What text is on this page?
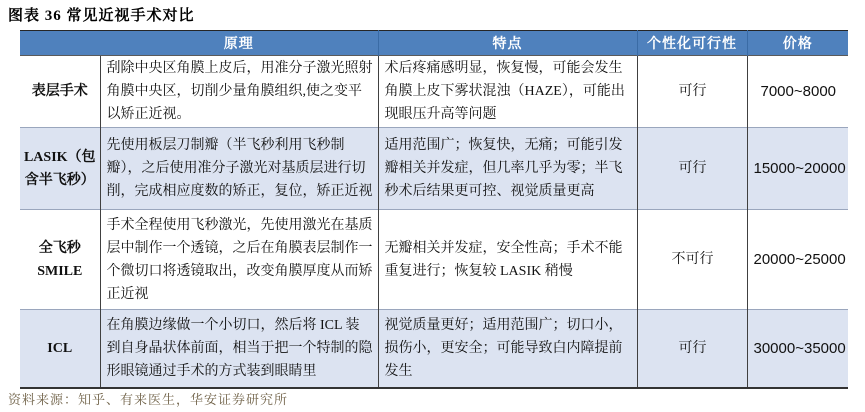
图表 36 常见近视手术对比
	原理	特点	个性化可行性	价格
表层手术	刮除中央区角膜上皮后，用准分子激光照射角膜中央区，切削少量角膜组织,使之变平以矫正近视。	术后疼痛感明显，恢复慢，可能会发生角膜上皮下雾状混浊（HAZE），可能出现眼压升高等问题	可行	7000~8000
LASIK（包含半飞秒）	先使用板层刀制瓣（半飞秒利用飞秒制瓣），之后使用准分子激光对基质层进行切削，完成相应度数的矫正，复位，矫正近视	适用范围广；恢复快，无痛；可能引发瓣相关并发症，但几率几乎为零；半飞秒术后结果更可控、视觉质量更高	可行	15000~20000
全飞秒 SMILE	手术全程使用飞秒激光，先使用激光在基质层中制作一个透镜，之后在角膜表层制作一个微切口将透镜取出，改变角膜厚度从而矫正近视	无瓣相关并发症，安全性高；手术不能重复进行；恢复较 LASIK 稍慢	不可行	20000~25000
ICL	在角膜边缘做一个小切口，然后将 ICL 装到自身晶状体前面，相当于把一个特制的隐形眼镜通过手术的方式装到眼睛里	视觉质量更好；适用范围广；切口小，损伤小，更安全；可能导致白内障提前发生	可行	30000~35000
资料来源：知乎、有来医生，华安证券研究所
